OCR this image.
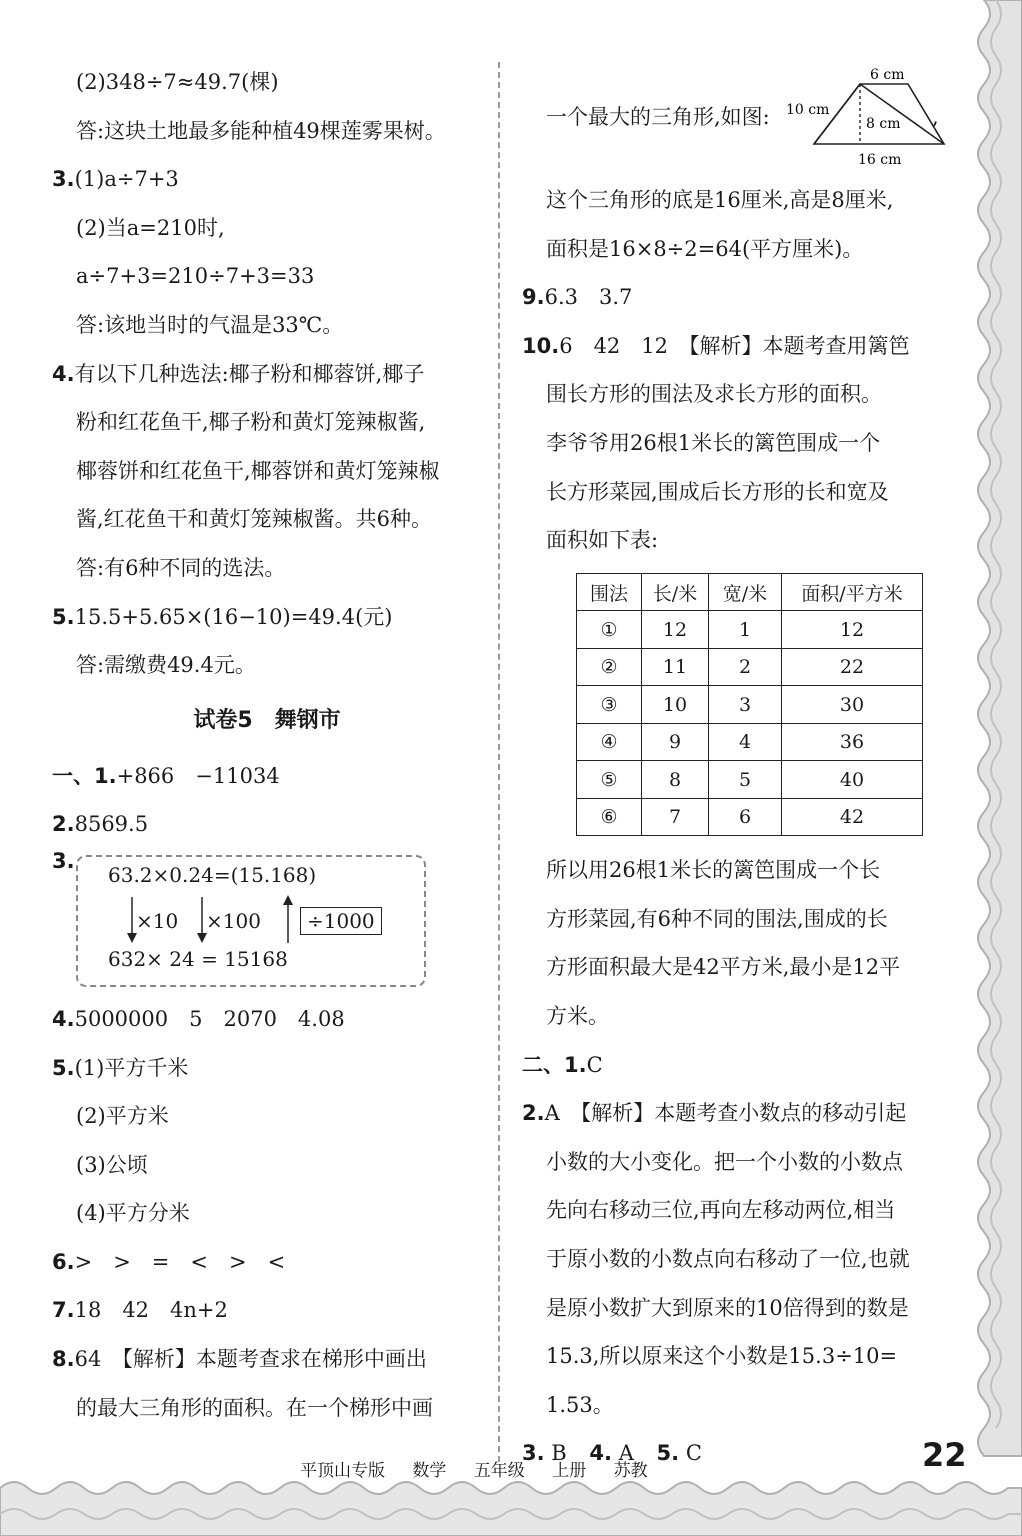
(2)348÷7≈49.7(棵)
答:这块土地最多能种植49棵莲雾果树。
3.(1)a÷7+3
(2)当a=210时,
a÷7+3=210÷7+3=33
答:该地当时的气温是33℃。
4.有以下几种选法:椰子粉和椰蓉饼,椰子
粉和红花鱼干,椰子粉和黄灯笼辣椒酱,
椰蓉饼和红花鱼干,椰蓉饼和黄灯笼辣椒
酱,红花鱼干和黄灯笼辣椒酱。共6种。
答:有6种不同的选法。
5.15.5+5.65×(16−10)=49.4(元)
答:需缴费49.4元。
试卷5　舞钢市
一、1.+866　−11034
2.8569.5
3.
63.2×0.24=(15.168)
×10 ×100	÷1000
632× 24 = 15168
4.5000000　5　2070　4.08
5.(1)平方千米
(2)平方米
(3)公顷
(4)平方分米
6.>　>　=　<　>　<
7.18　42　4n+2
8.64　【解析】本题考查求在梯形中画出
的最大三角形的面积。在一个梯形中画
6 cm
10 cm
8 cm
16 cm
一个最大的三角形,如图:	,
这个三角形的底是16厘米,高是8厘米,
面积是16×8÷2=64(平方厘米)。
9.6.3　3.7
10.6　42　12　【解析】本题考查用篱笆
围长方形的围法及求长方形的面积。
李爷爷用26根1米长的篱笆围成一个
长方形菜园,围成后长方形的长和宽及
面积如下表:
围法	长/米	宽/米	面积/平方米
①	12	1	12
②	11	2	22
③	10	3	30
④	9	4	36
⑤	8	5	40
⑥	7	6	42
所以用26根1米长的篱笆围成一个长
方形菜园,有6种不同的围法,围成的长
方形面积最大是42平方米,最小是12平
方米。
二、1.C
2.A　【解析】本题考查小数点的移动引起
小数的大小变化。把一个小数的小数点
先向右移动三位,再向左移动两位,相当
于原小数的小数点向右移动了一位,也就
是原小数扩大到原来的10倍得到的数是
15.3,所以原来这个小数是15.3÷10=
1.53。
3. B 4. A 5. C
平顶山专版 数学 五年级 上册 苏教	22
